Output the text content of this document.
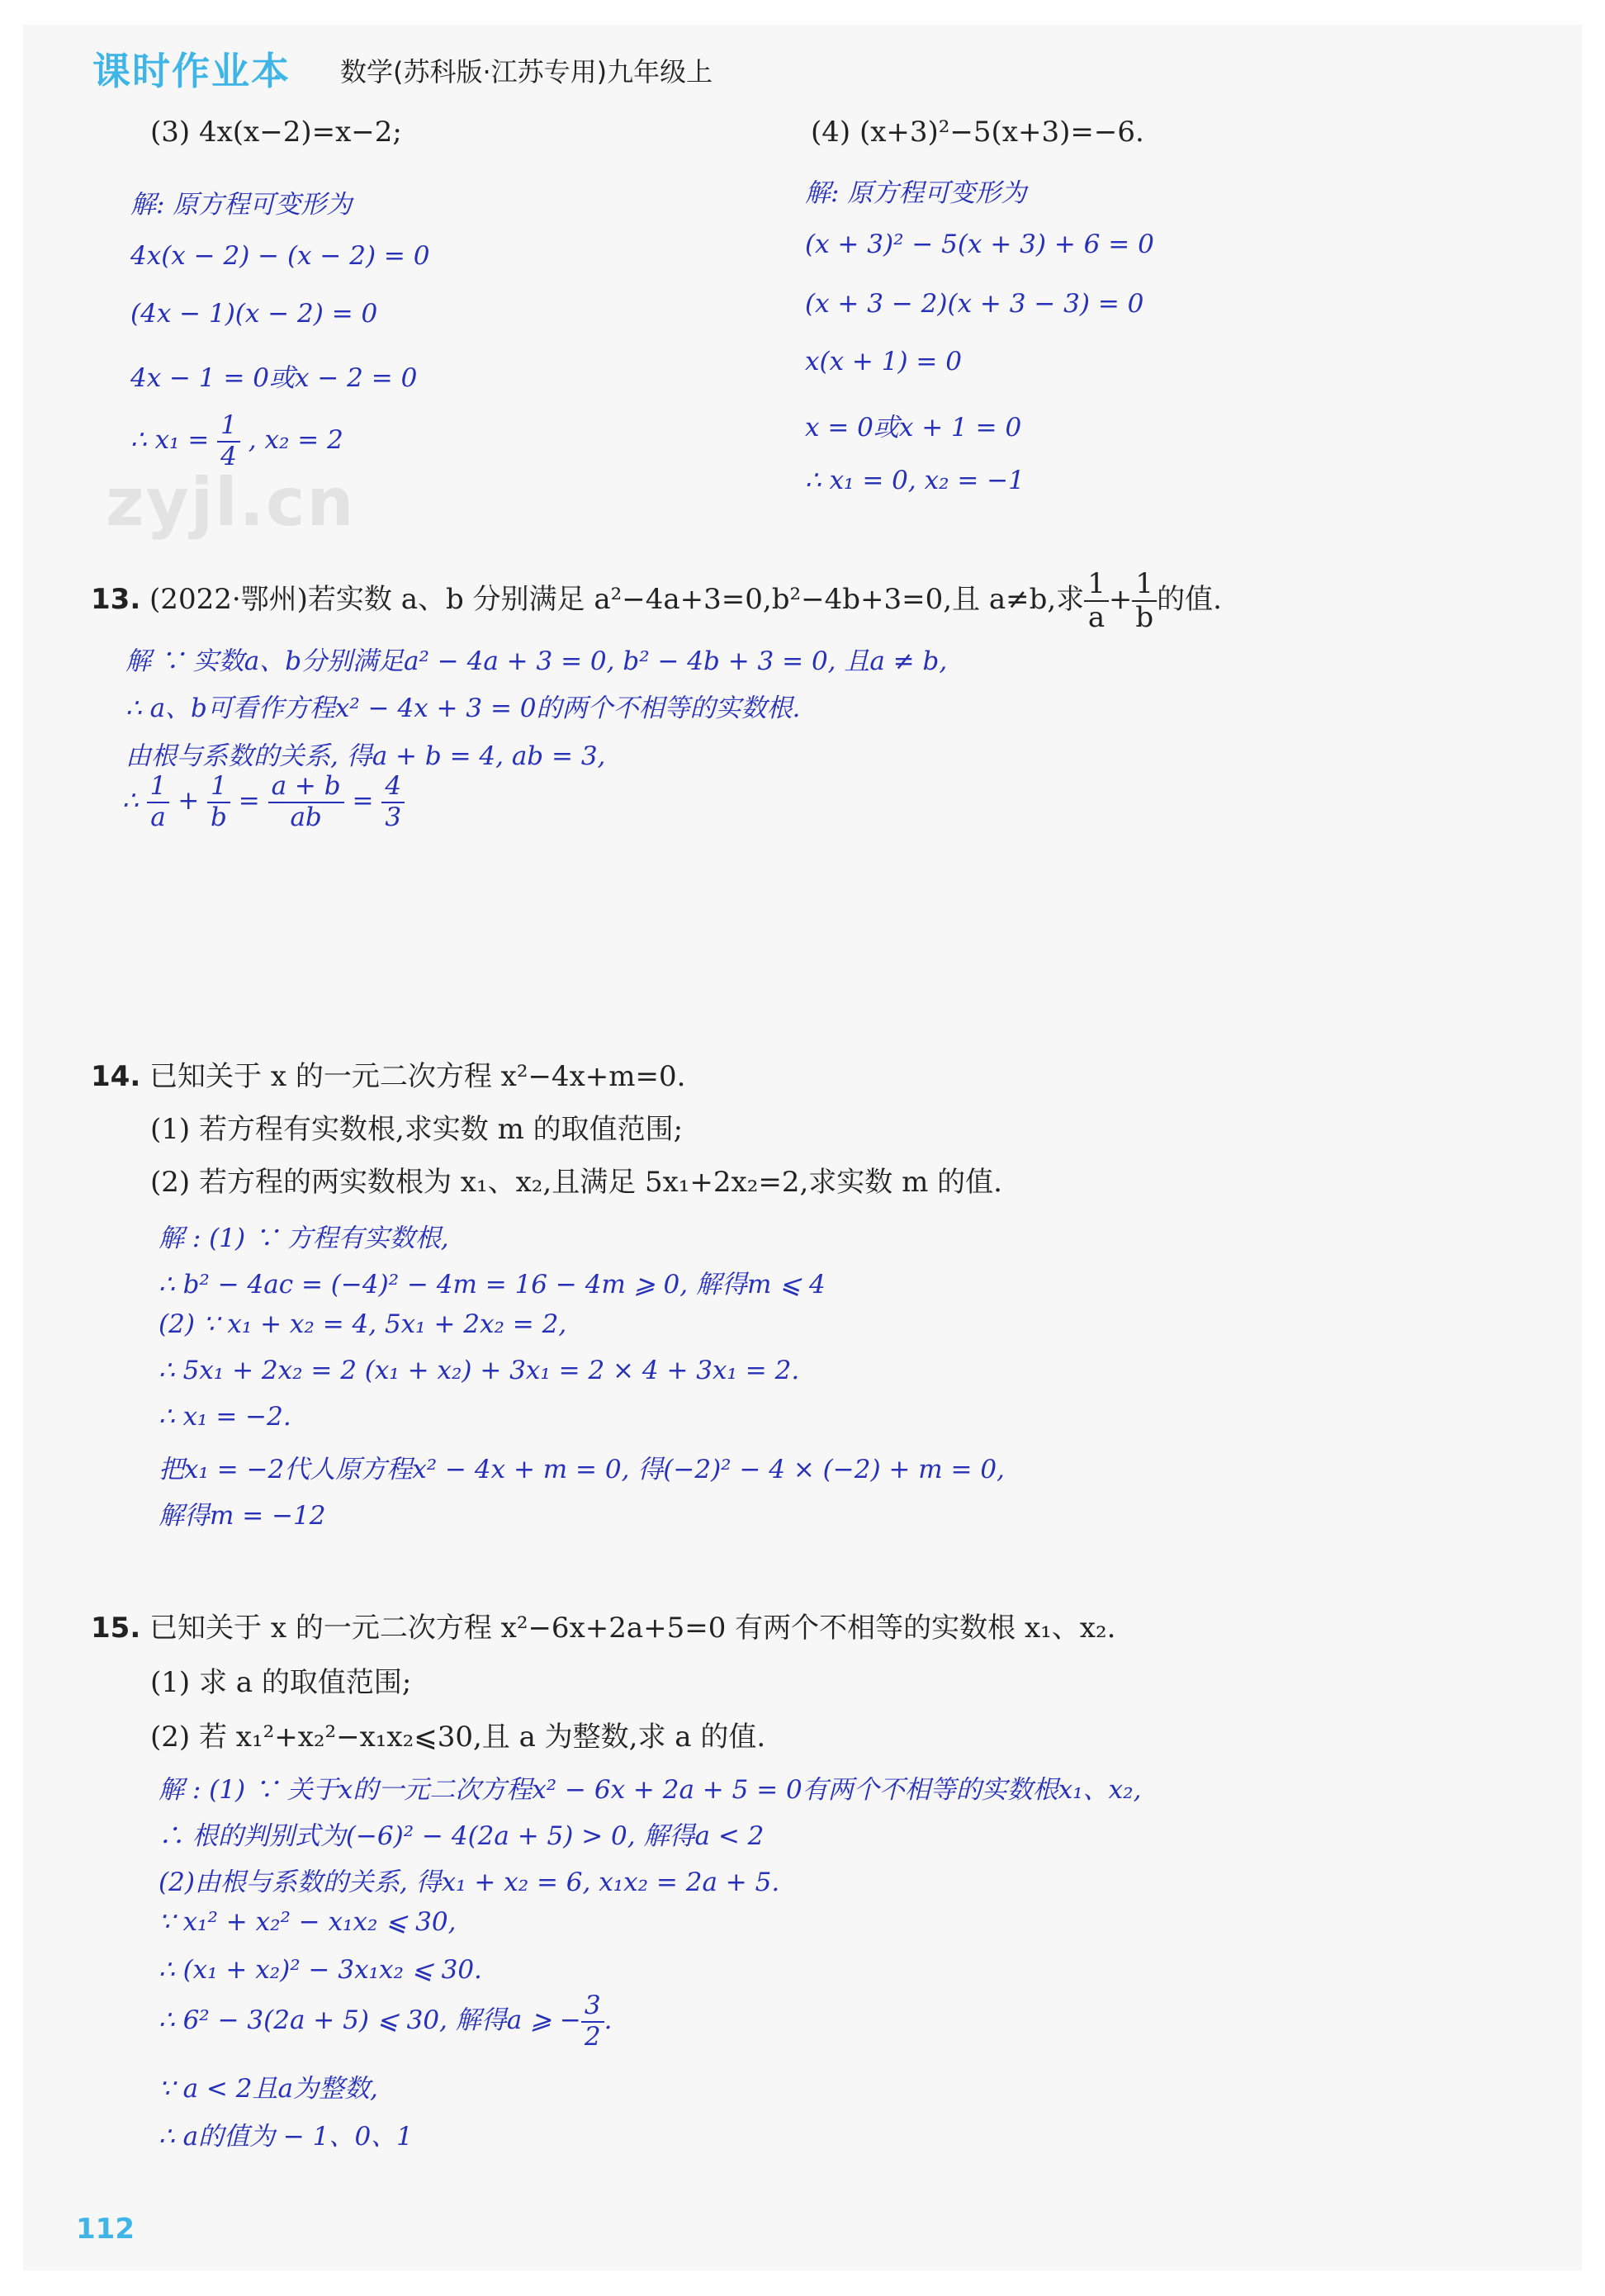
课时作业本 数学(苏科版·江苏专用)九年级上
zyjl.cn
(3) 4x(x−2)=x−2;
解: 原方程可变形为
4x(x − 2) − (x − 2) = 0
(4x − 1)(x − 2) = 0
4x − 1 = 0或x − 2 = 0
∴ $x_1 = \frac{1}{4}$ , x₂ = 2
(4) (x+3)²−5(x+3)=−6.
解: 原方程可变形为
(x + 3)² − 5(x + 3) + 6 = 0
(x + 3 − 2)(x + 3 − 3) = 0
x(x + 1) = 0
x = 0或x + 1 = 0
∴ x₁ = 0, x₂ = −1
13. (2022·鄂州)若实数 a、b 分别满足 a²−4a+3=0,b²−4b+3=0,且 a≠b,求 $\frac{1}{a} + \frac{1}{b}$ 的值.
解 ∵ 实数a、b分别满足a² − 4a + 3 = 0, b² − 4b + 3 = 0, 且a ≠ b,
∴ a、b可看作方程x² − 4x + 3 = 0的两个不相等的实数根.
由根与系数的关系, 得a + b = 4, ab = 3,
∴ $\frac{1}{a} + \frac{1}{b} = \frac{a + b}{ab} = \frac{4}{3}$
14. 已知关于 x 的一元二次方程 x²−4x+m=0.
(1) 若方程有实数根,求实数 m 的取值范围;
(2) 若方程的两实数根为 x₁、x₂,且满足 5x₁+2x₂=2,求实数 m 的值.
解 : (1) ∵ 方程有实数根,
∴ b² − 4ac = (−4)² − 4m = 16 − 4m ⩾ 0, 解得m ⩽ 4
(2) ∵ x₁ + x₂ = 4, 5x₁ + 2x₂ = 2,
∴ 5x₁ + 2x₂ = 2 (x₁ + x₂) + 3x₁ = 2 × 4 + 3x₁ = 2.
∴ x₁ = −2.
把x₁ = −2代人原方程x² − 4x + m = 0, 得(−2)² − 4 × (−2) + m = 0,
解得m = −12
15. 已知关于 x 的一元二次方程 x²−6x+2a+5=0 有两个不相等的实数根 x₁、x₂.
(1) 求 a 的取值范围;
(2) 若 x₁²+x₂²−x₁x₂⩽30,且 a 为整数,求 a 的值.
解 : (1) ∵ 关于x的一元二次方程x² − 6x + 2a + 5 = 0有两个不相等的实数根x₁、x₂,
∴ 根的判别式为(−6)² − 4(2a + 5) > 0, 解得a < 2
(2)由根与系数的关系, 得x₁ + x₂ = 6, x₁x₂ = 2a + 5.
∵ x₁² + x₂² − x₁x₂ ⩽ 30,
∴ (x₁ + x₂)² − 3x₁x₂ ⩽ 30.
∴ 6² − 3(2a + 5) ⩽ 30, 解得a ⩾ − $\frac{3}{2}$ .
∵ a < 2且a为整数,
∴ a的值为 − 1、0、1
112
